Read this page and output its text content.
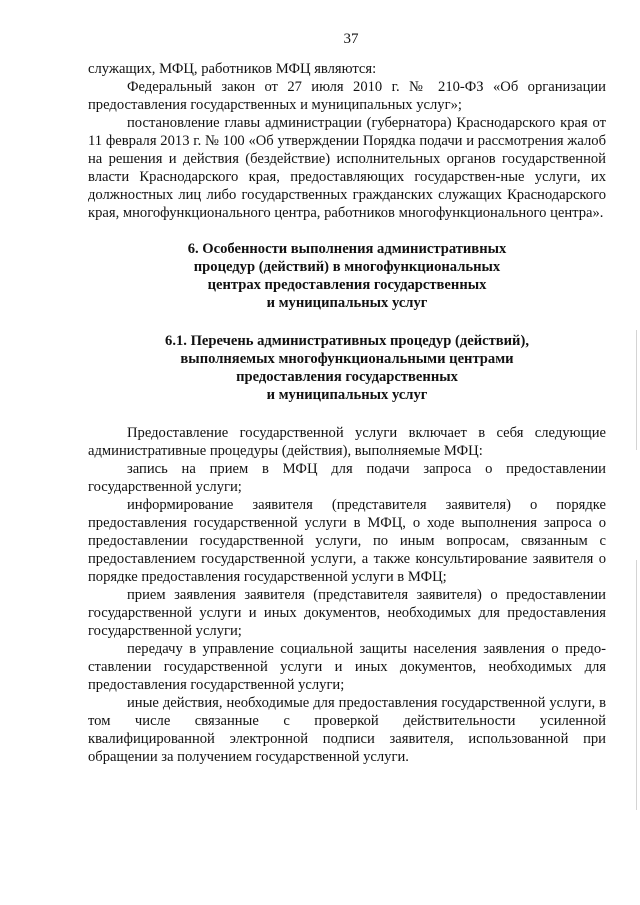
37

служащих, МФЦ, работников МФЦ являются:

Федеральный закон от 27 июля 2010 г. № 210-ФЗ «Об организации предоставления государственных и муниципальных услуг»;

постановление главы администрации (губернатора) Краснодарского края от 11 февраля 2013 г. № 100 «Об утверждении Порядка подачи и рассмотрения жалоб на решения и действия (бездействие) исполнительных органов государственной власти Краснодарского края, предоставляющих государствен-ные услуги, их должностных лиц либо государственных гражданских служащих Краснодарского края, многофункционального центра, работников многофункционального центра».

6. Особенности выполнения административных

процедур (действий) в многофункциональных

центрах предоставления государственных

и муниципальных услуг

6.1. Перечень административных процедур (действий),

выполняемых многофункциональными центрами

предоставления государственных

и муниципальных услуг

Предоставление государственной услуги включает в себя следующие административные процедуры (действия), выполняемые МФЦ:

запись на прием в МФЦ для подачи запроса о предоставлении государственной услуги;

информирование заявителя (представителя заявителя) о порядке предоставления государственной услуги в МФЦ, о ходе выполнения запроса о предоставлении государственной услуги, по иным вопросам, связанным с предоставлением государственной услуги, а также консультирование заявителя о порядке предоставления государственной услуги в МФЦ;

прием заявления заявителя (представителя заявителя) о предоставлении государственной услуги и иных документов, необходимых для предоставления государственной услуги;

передачу в управление социальной защиты населения заявления о предо-ставлении государственной услуги и иных документов, необходимых для предоставления государственной услуги;

иные действия, необходимые для предоставления государственной услуги, в том числе связанные с проверкой действительности усиленной квалифицированной электронной подписи заявителя, использованной при обращении за получением государственной услуги.
